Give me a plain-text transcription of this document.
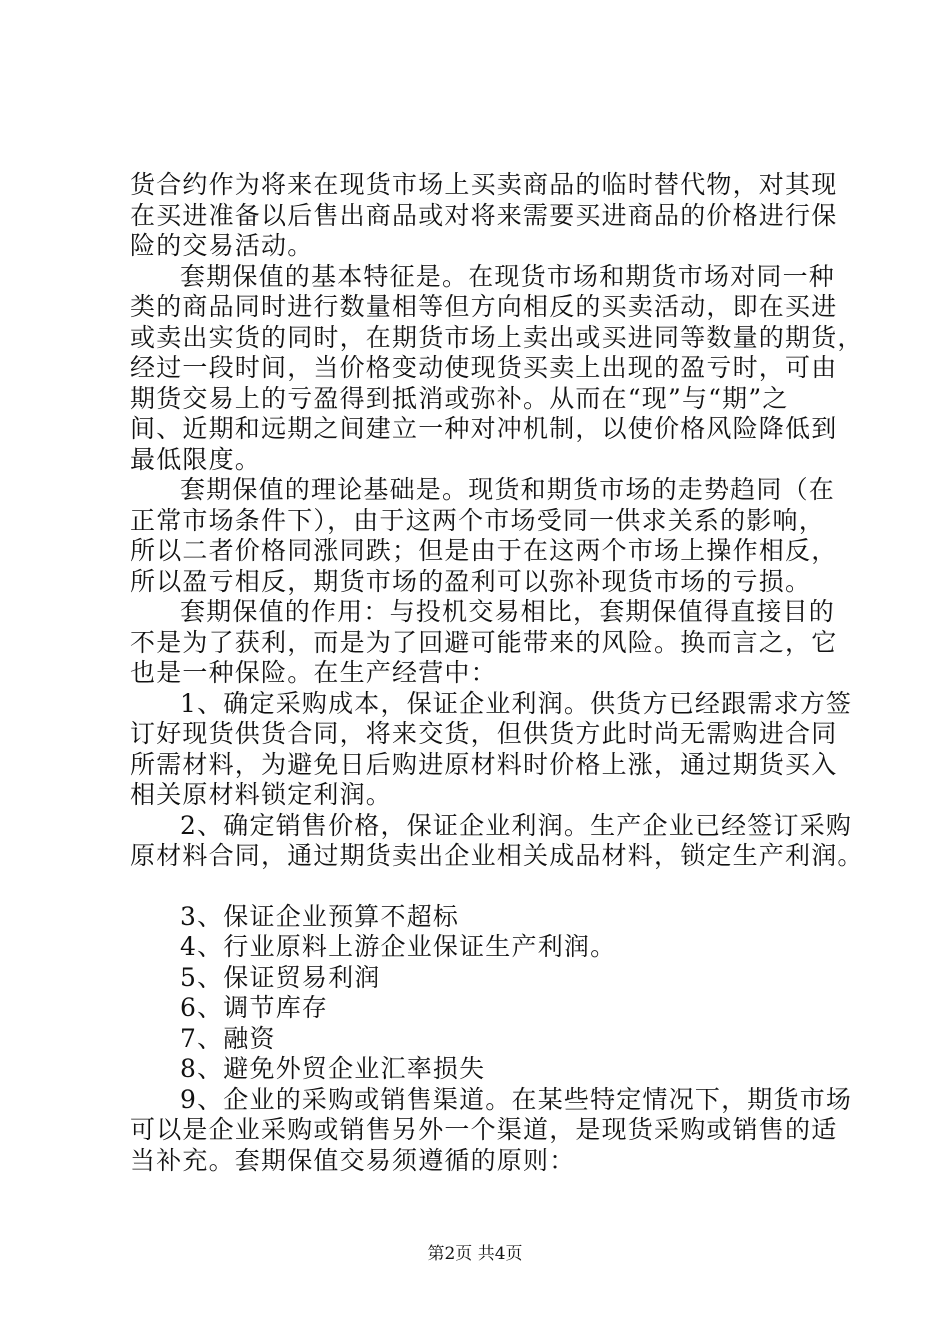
货合约作为将来在现货市场上买卖商品的临时替代物，对其现
在买进准备以后售出商品或对将来需要买进商品的价格进行保
险的交易活动。
套期保值的基本特征是。在现货市场和期货市场对同一种
类的商品同时进行数量相等但方向相反的买卖活动，即在买进
或卖出实货的同时，在期货市场上卖出或买进同等数量的期货，
经过一段时间，当价格变动使现货买卖上出现的盈亏时，可由
期货交易上的亏盈得到抵消或弥补。从而在“现”与“期”之
间、近期和远期之间建立一种对冲机制，以使价格风险降低到
最低限度。
套期保值的理论基础是。现货和期货市场的走势趋同（在
正常市场条件下），由于这两个市场受同一供求关系的影响，
所以二者价格同涨同跌；但是由于在这两个市场上操作相反，
所以盈亏相反，期货市场的盈利可以弥补现货市场的亏损。
套期保值的作用：与投机交易相比，套期保值得直接目的
不是为了获利，而是为了回避可能带来的风险。换而言之，它
也是一种保险。在生产经营中：
1、确定采购成本，保证企业利润。供货方已经跟需求方签
订好现货供货合同，将来交货，但供货方此时尚无需购进合同
所需材料，为避免日后购进原材料时价格上涨，通过期货买入
相关原材料锁定利润。
2、确定销售价格，保证企业利润。生产企业已经签订采购
原材料合同，通过期货卖出企业相关成品材料，锁定生产利润。
3、保证企业预算不超标
4、行业原料上游企业保证生产利润。
5、保证贸易利润
6、调节库存
7、融资
8、避免外贸企业汇率损失
9、企业的采购或销售渠道。在某些特定情况下，期货市场
可以是企业采购或销售另外一个渠道，是现货采购或销售的适
当补充。套期保值交易须遵循的原则：
第2页 共4页
